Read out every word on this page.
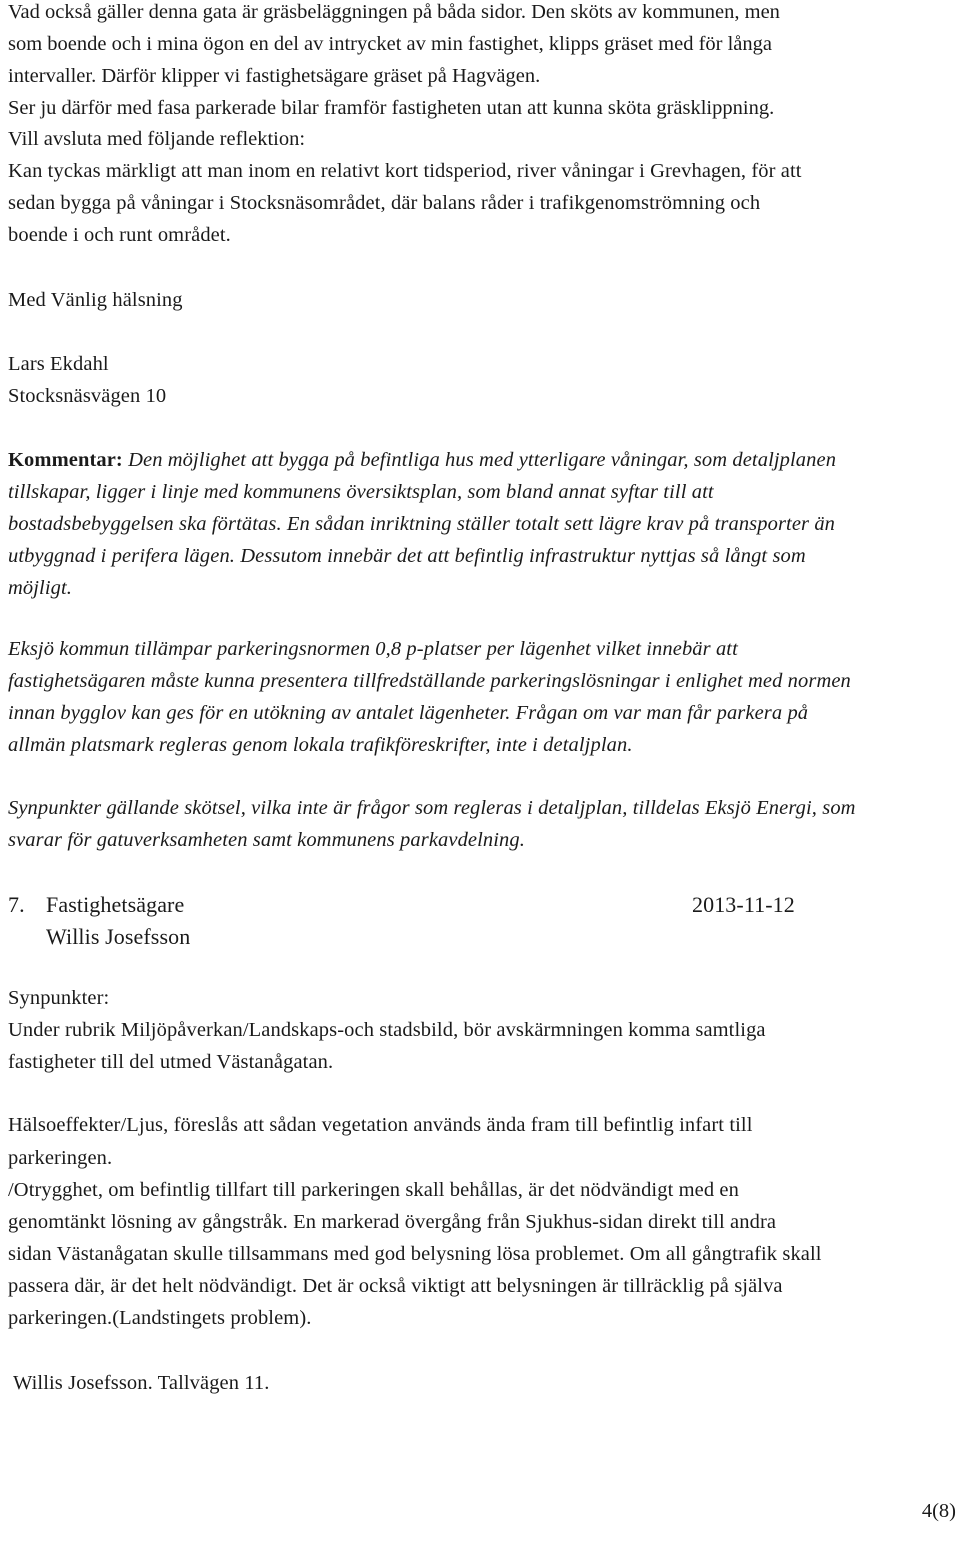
Vad också gäller denna gata är gräsbeläggningen på båda sidor. Den sköts av kommunen, men
som boende och i mina ögon en del av intrycket av min fastighet, klipps gräset med för långa
intervaller. Därför klipper vi fastighetsägare gräset på Hagvägen.
Ser ju därför med fasa parkerade bilar framför fastigheten utan att kunna sköta gräsklippning.
Vill avsluta med följande reflektion:
Kan tyckas märkligt att man inom en relativt kort tidsperiod, river våningar i Grevhagen, för att
sedan bygga på våningar i Stocksnäsområdet, där balans råder i trafikgenomströmning och
boende i och runt området.
Med Vänlig hälsning
Lars Ekdahl
Stocksnäsvägen 10
Kommentar: Den möjlighet att bygga på befintliga hus med ytterligare våningar, som detaljplanen
tillskapar, ligger i linje med kommunens översiktsplan, som bland annat syftar till att
bostadsbebyggelsen ska förtätas. En sådan inriktning ställer totalt sett lägre krav på transporter än
utbyggnad i perifera lägen. Dessutom innebär det att befintlig infrastruktur nyttjas så långt som
möjligt.
Eksjö kommun tillämpar parkeringsnormen 0,8 p-platser per lägenhet vilket innebär att
fastighetsägaren måste kunna presentera tillfredställande parkeringslösningar i enlighet med normen
innan bygglov kan ges för en utökning av antalet lägenheter. Frågan om var man får parkera på
allmän platsmark regleras genom lokala trafikföreskrifter, inte i detaljplan.
Synpunkter gällande skötsel, vilka inte är frågor som regleras i detaljplan, tilldelas Eksjö Energi, som
svarar för gatuverksamheten samt kommunens parkavdelning.
7. Fastighetsägare	2013-11-12
Willis Josefsson
Synpunkter:
Under rubrik Miljöpåverkan/Landskaps-och stadsbild, bör avskärmningen komma samtliga
fastigheter till del utmed Västanågatan.
Hälsoeffekter/Ljus, föreslås att sådan vegetation används ända fram till befintlig infart till
parkeringen.
/Otrygghet, om befintlig tillfart till parkeringen skall behållas, är det nödvändigt med en
genomtänkt lösning av gångstråk. En markerad övergång från Sjukhus-sidan direkt till andra
sidan Västanågatan skulle tillsammans med god belysning lösa problemet. Om all gångtrafik skall
passera där, är det helt nödvändigt. Det är också viktigt att belysningen är tillräcklig på själva
parkeringen.(Landstingets problem).
Willis Josefsson. Tallvägen 11.
4(8)
